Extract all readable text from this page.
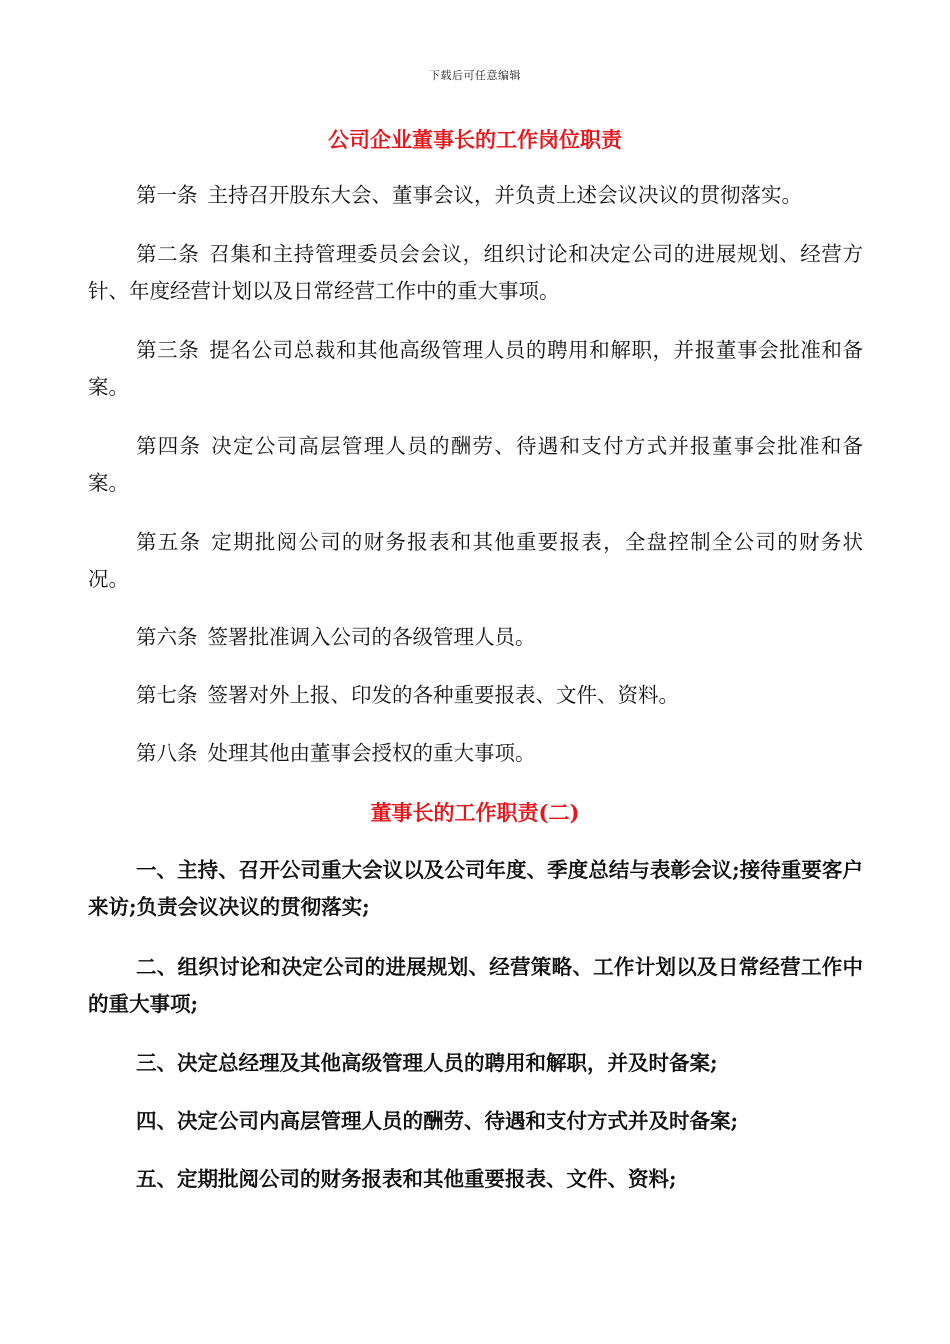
下载后可任意编辑
公司企业董事长的工作岗位职责

第一条 主持召开股东大会、董事会议，并负责上述会议决议的贯彻落实。

第二条 召集和主持管理委员会会议，组织讨论和决定公司的进展规划、经营方针、年度经营计划以及日常经营工作中的重大事项。

第三条 提名公司总裁和其他高级管理人员的聘用和解职，并报董事会批准和备案。

第四条 决定公司高层管理人员的酬劳、待遇和支付方式并报董事会批准和备案。

第五条 定期批阅公司的财务报表和其他重要报表，全盘控制全公司的财务状况。

第六条 签署批准调入公司的各级管理人员。

第七条 签署对外上报、印发的各种重要报表、文件、资料。

第八条 处理其他由董事会授权的重大事项。

董事长的工作职责(二)

一、主持、召开公司重大会议以及公司年度、季度总结与表彰会议;接待重要客户来访;负责会议决议的贯彻落实;

二、组织讨论和决定公司的进展规划、经营策略、工作计划以及日常经营工作中的重大事项;

三、决定总经理及其他高级管理人员的聘用和解职，并及时备案;

四、决定公司内高层管理人员的酬劳、待遇和支付方式并及时备案;

五、定期批阅公司的财务报表和其他重要报表、文件、资料;
